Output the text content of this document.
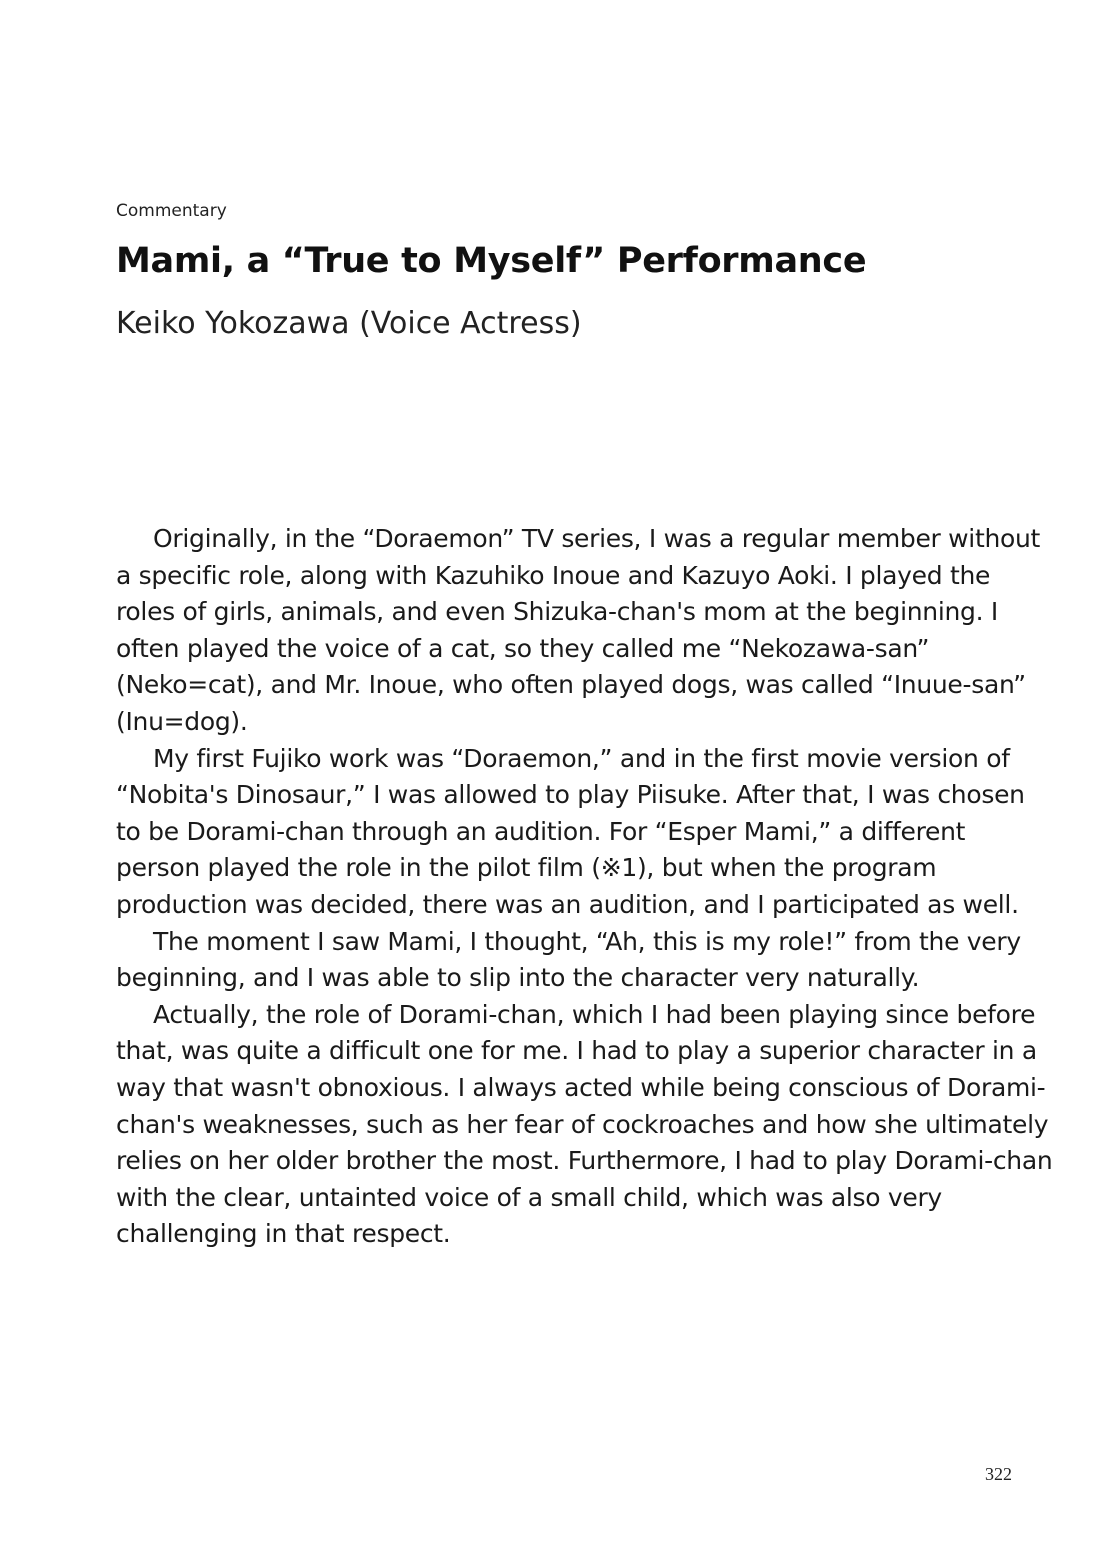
Commentary
Mami, a “True to Myself” Performance
Keiko Yokozawa (Voice Actress)

Originally, in the “Doraemon” TV series, I was a regular member without a specific role, along with Kazuhiko Inoue and Kazuyo Aoki. I played the roles of girls, animals, and even Shizuka-chan's mom at the beginning. I often played the voice of a cat, so they called me “Nekozawa-san” (Neko=cat), and Mr. Inoue, who often played dogs, was called “Inuue-san” (Inu=dog).

My first Fujiko work was “Doraemon,” and in the first movie version of “Nobita's Dinosaur,” I was allowed to play Piisuke. After that, I was chosen to be Dorami-chan through an audition. For “Esper Mami,” a different person played the role in the pilot film (※1), but when the program production was decided, there was an audition, and I participated as well.

The moment I saw Mami, I thought, “Ah, this is my role!” from the very beginning, and I was able to slip into the character very naturally.

Actually, the role of Dorami-chan, which I had been playing since before that, was quite a difficult one for me. I had to play a superior character in a way that wasn't obnoxious. I always acted while being conscious of Dorami-chan's weaknesses, such as her fear of cockroaches and how she ultimately relies on her older brother the most. Furthermore, I had to play Dorami-chan with the clear, untainted voice of a small child, which was also very challenging in that respect.

322
